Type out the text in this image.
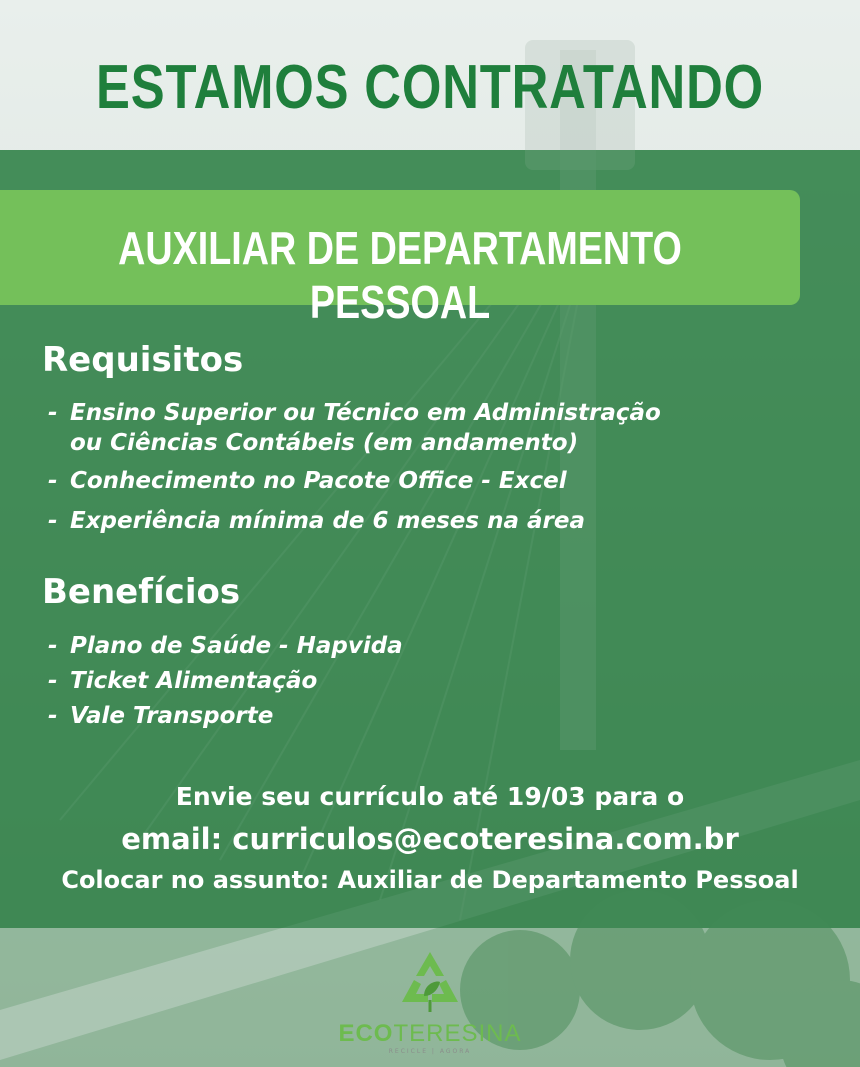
ESTAMOS CONTRATANDO
AUXILIAR DE DEPARTAMENTO PESSOAL
Requisitos
- Ensino Superior ou Técnico em Administração
ou Ciências Contábeis (em andamento)
- Conhecimento no Pacote Office - Excel
- Experiência mínima de 6 meses na área
Benefícios
- Plano de Saúde - Hapvida
- Ticket Alimentação
- Vale Transporte

Envie seu currículo até 19/03 para o

email: curriculos@ecoteresina.com.br

Colocar no assunto: Auxiliar de Departamento Pessoal

ECOTERESINA
RECICLE | AGORA
